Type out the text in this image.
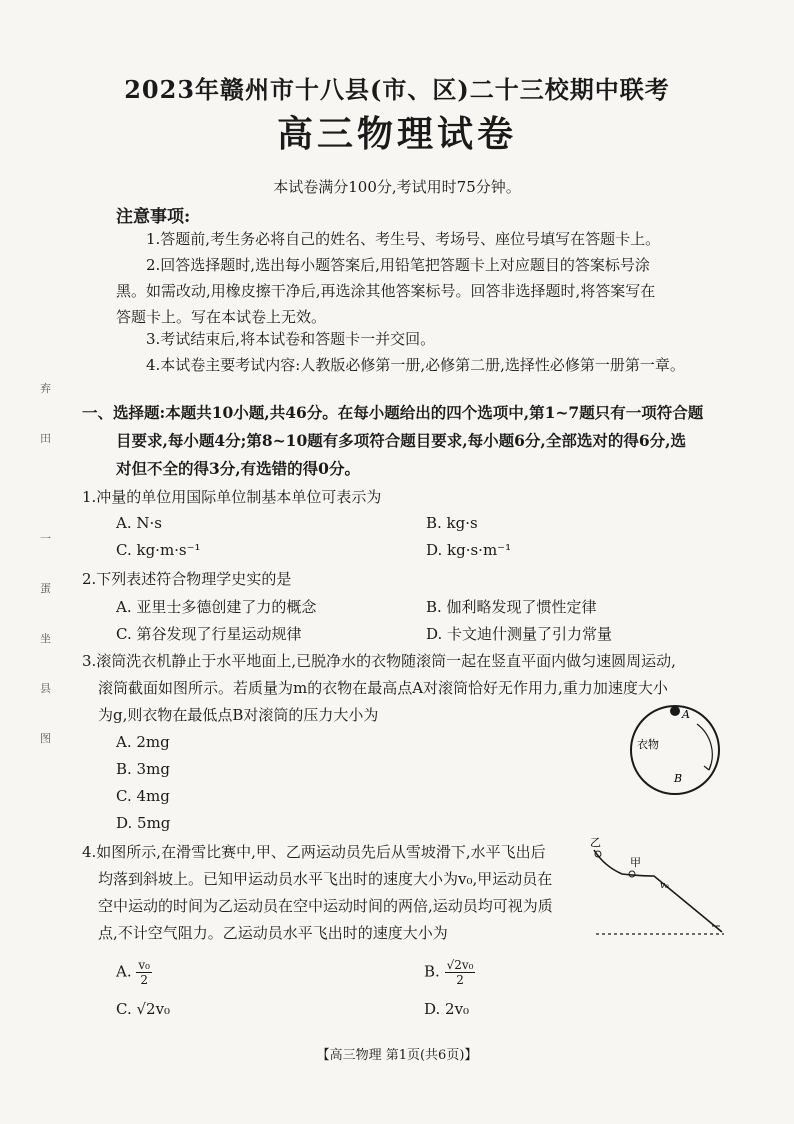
弃
田
一
蛋
坐
县
图
2023年赣州市十八县(市、区)二十三校期中联考
高三物理试卷
本试卷满分100分,考试用时75分钟。
注意事项:
1.答题前,考生务必将自己的姓名、考生号、考场号、座位号填写在答题卡上。
2.回答选择题时,选出每小题答案后,用铅笔把答题卡上对应题目的答案标号涂
黑。如需改动,用橡皮擦干净后,再选涂其他答案标号。回答非选择题时,将答案写在
答题卡上。写在本试卷上无效。
3.考试结束后,将本试卷和答题卡一并交回。
4.本试卷主要考试内容:人教版必修第一册,必修第二册,选择性必修第一册第一章。
一、选择题:本题共10小题,共46分。在每小题给出的四个选项中,第1~7题只有一项符合题
目要求,每小题4分;第8~10题有多项符合题目要求,每小题6分,全部选对的得6分,选
对但不全的得3分,有选错的得0分。
1.冲量的单位用国际单位制基本单位可表示为
A. N·s	B. kg·s
C. kg·m·s⁻¹	D. kg·s·m⁻¹
2.下列表述符合物理学史实的是
A. 亚里士多德创建了力的概念	B. 伽利略发现了惯性定律
C. 第谷发现了行星运动规律	D. 卡文迪什测量了引力常量
3.滚筒洗衣机静止于水平地面上,已脱净水的衣物随滚筒一起在竖直平面内做匀速圆周运动,
滚筒截面如图所示。若质量为m的衣物在最高点A对滚筒恰好无作用力,重力加速度大小
为g,则衣物在最低点B对滚筒的压力大小为
A. 2mg
B. 3mg
C. 4mg
D. 5mg
A
衣物
B
4.如图所示,在滑雪比赛中,甲、乙两运动员先后从雪坡滑下,水平飞出后
均落到斜坡上。已知甲运动员水平飞出时的速度大小为v₀,甲运动员在
空中运动的时间为乙运动员在空中运动时间的两倍,运动员均可视为质
点,不计空气阻力。乙运动员水平飞出时的速度大小为
A. $\frac{\text{v₀}}{2}$	B. $\frac{\text{√2v₀}}{2}$
C. √2v₀	D. 2v₀
乙
甲
v₀
【高三物理 第1页(共6页)】
